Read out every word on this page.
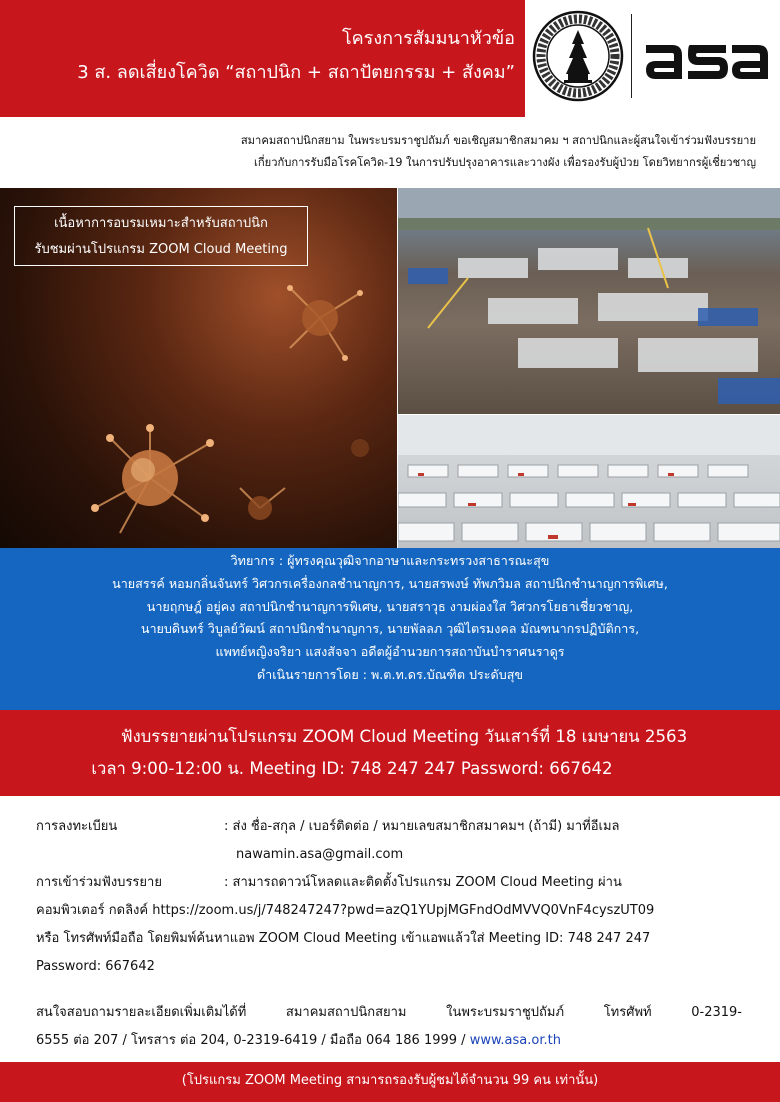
โครงการสัมมนาหัวข้อ
3 ส. ลดเสี่ยงโควิด “สถาปนิก + สถาปัตยกรรม + สังคม”
สมาคมสถาปนิกสยาม ในพระบรมราชูปถัมภ์ ขอเชิญสมาชิกสมาคม ฯ สถาปนิกและผู้สนใจเข้าร่วมฟังบรรยาย
เกี่ยวกับการรับมือโรคโควิด-19 ในการปรับปรุงอาคารและวางผัง เพื่อรองรับผู้ป่วย โดยวิทยากรผู้เชี่ยวชาญ
เนื้อหาการอบรมเหมาะสำหรับสถาปนิก
รับชมผ่านโปรแกรม ZOOM Cloud Meeting

วิทยากร : ผู้ทรงคุณวุฒิจากอาษาและกระทรวงสาธารณะสุข

นายสรรค์ หอมกลิ่นจันทร์ วิศวกรเครื่องกลชำนาญการ, นายสรพงษ์ ทัพภวิมล สถาปนิกชำนาญการพิเศษ,

นายฤกษฎ์ อยู่คง สถาปนิกชำนาญการพิเศษ, นายสราวุธ งามผ่องใส วิศวกรโยธาเชี่ยวชาญ,

นายบดินทร์ วิบูลย์วัฒน์ สถาปนิกชำนาญการ, นายพัลลภ วุฒิไตรมงคล มัณฑนากรปฏิบัติการ,

แพทย์หญิงจริยา แสงสัจจา อดีตผู้อำนวยการสถาบันบำราศนราดูร

ดำเนินรายการโดย : พ.ต.ท.ดร.บัณฑิต ประดับสุข

ฟังบรรยายผ่านโปรแกรม ZOOM Cloud Meeting วันเสาร์ที่ 18 เมษายน 2563

เวลา 9:00-12:00 น. Meeting ID: 748 247 247 Password: 667642

การลงทะเบียน	: ส่ง ชื่อ-สกุล / เบอร์ติดต่อ / หมายเลขสมาชิกสมาคมฯ (ถ้ามี) มาที่อีเมล
nawamin.asa@gmail.com
การเข้าร่วมฟังบรรยาย	: สามารถดาวน์โหลดและติดตั้งโปรแกรม ZOOM Cloud Meeting ผ่าน
คอมพิวเตอร์ กดลิงค์ https://zoom.us/j/748247247?pwd=azQ1YUpjMGFndOdMVVQ0VnF4cyszUT09
หรือ โทรศัพท์มือถือ โดยพิมพ์ค้นหาแอพ ZOOM Cloud Meeting เข้าแอพแล้วใส่ Meeting ID: 748 247 247
Password: 667642
สนใจสอบถามรายละเอียดเพิ่มเติมได้ที่ สมาคมสถาปนิกสยาม ในพระบรมราชูปถัมภ์ โทรศัพท์ 0-2319-
6555 ต่อ 207 / โทรสาร ต่อ 204, 0-2319-6419 / มือถือ 064 186 1999 / www.asa.or.th
(โปรแกรม ZOOM Meeting สามารถรองรับผู้ชมได้จำนวน 99 คน เท่านั้น)
